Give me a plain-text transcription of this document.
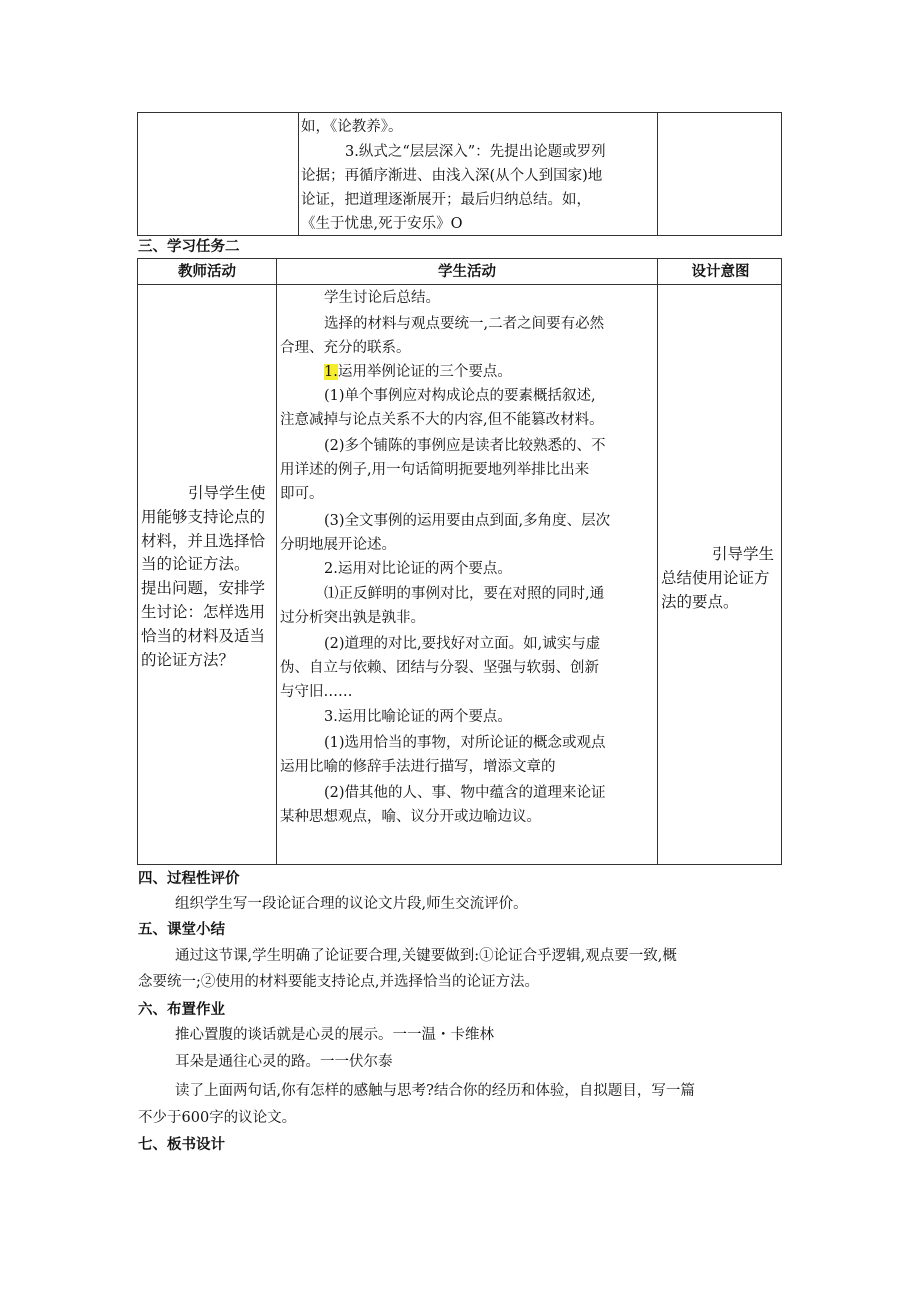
如，《论教养》。
3.纵式之“层层深入”：先提出论题或罗列
论据；再循序渐进、由浅入深(从个人到国家)地
论证，把道理逐渐展开；最后归纳总结。如，
《生于忧患,死于安乐》O
三、学习任务二
教师活动	学生活动	设计意图
引导学生使
用能够支持论点的
材料，并且选择恰
当的论证方法。
提出问题，安排学
生讨论：怎样选用
恰当的材料及适当
的论证方法？
学生讨论后总结。
选择的材料与观点要统一,二者之间要有必然
合理、充分的联系。
1.运用举例论证的三个要点。
(1)单个事例应对构成论点的要素概括叙述,
注意减掉与论点关系不大的内容,但不能篡改材料。
(2)多个铺陈的事例应是读者比较熟悉的、不
用详述的例子,用一句话简明扼要地列举排比出来
即可。
(3)全文事例的运用要由点到面,多角度、层次
分明地展开论述。
2.运用对比论证的两个要点。
⑴正反鲜明的事例对比，要在对照的同时,通
过分析突出孰是孰非。
(2)道理的对比,要找好对立面。如,诚实与虚
伪、自立与依赖、团结与分裂、坚强与软弱、创新
与守旧……
3.运用比喻论证的两个要点。
(1)选用恰当的事物，对所论证的概念或观点
运用比喻的修辞手法进行描写，增添文章的
(2)借其他的人、事、物中蕴含的道理来论证
某种思想观点，喻、议分开或边喻边议。
引导学生
总结使用论证方
法的要点。
四、过程性评价
组织学生写一段论证合理的议论文片段,师生交流评价。
五、课堂小结
通过这节课,学生明确了论证要合理,关键要做到:①论证合乎逻辑,观点要一致,概
念要统一;②使用的材料要能支持论点,并选择恰当的论证方法。
六、布置作业
推心置腹的谈话就是心灵的展示。一一温・卡维林
耳朵是通往心灵的路。一一伏尔泰
读了上面两句话,你有怎样的感触与思考?结合你的经历和体验，自拟题目，写一篇
不少于600字的议论文。
七、板书设计
